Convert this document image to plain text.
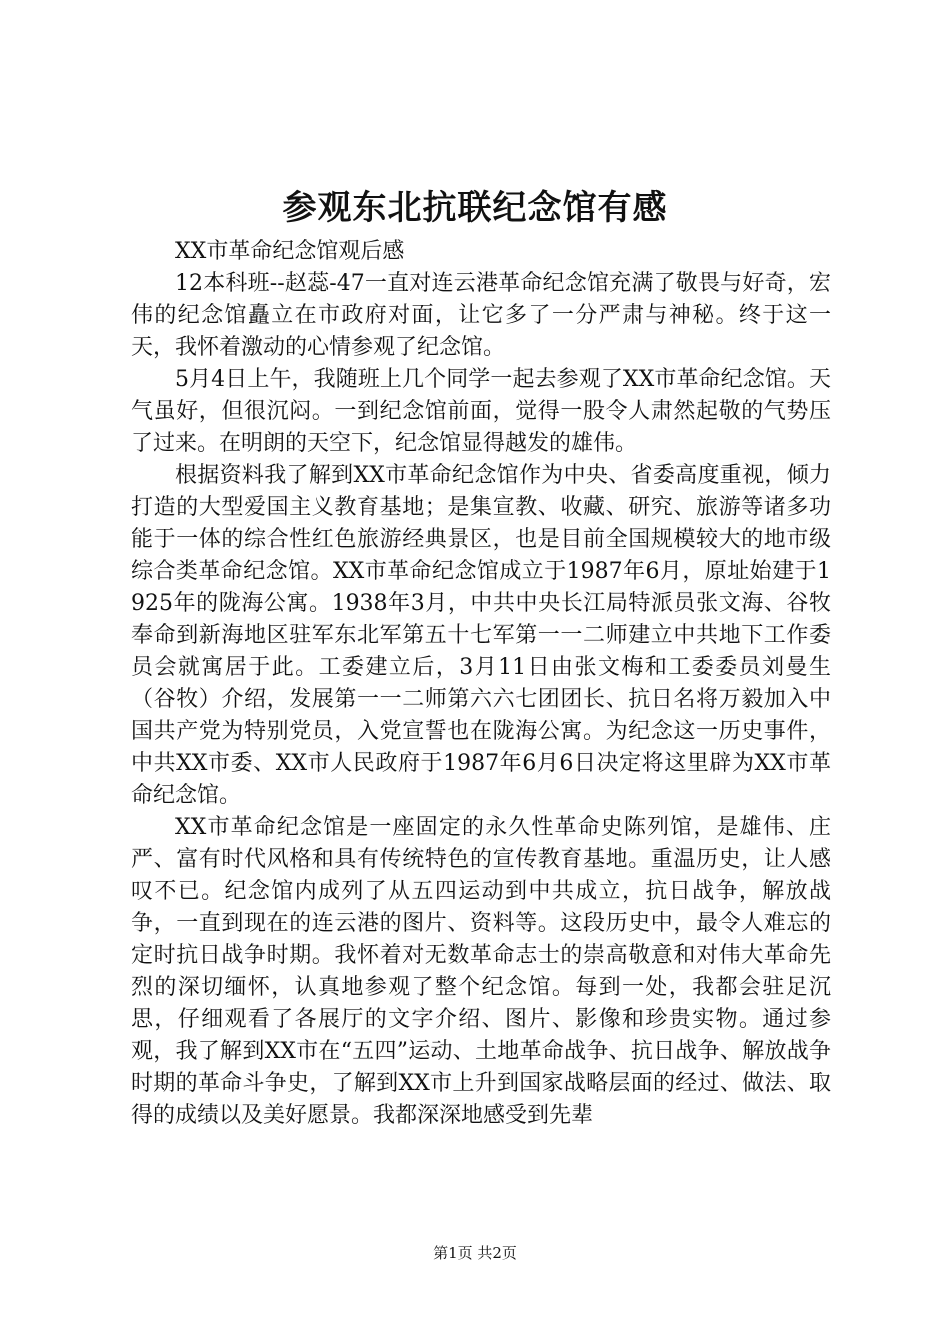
参观东北抗联纪念馆有感

XX市革命纪念馆观后感

12本科班--赵蕊-47一直对连云港革命纪念馆充满了敬畏与好奇，宏伟的纪念馆矗立在市政府对面，让它多了一分严肃与神秘。终于这一天，我怀着激动的心情参观了纪念馆。

5月4日上午，我随班上几个同学一起去参观了XX市革命纪念馆。天气虽好，但很沉闷。一到纪念馆前面，觉得一股令人肃然起敬的气势压了过来。在明朗的天空下，纪念馆显得越发的雄伟。

根据资料我了解到XX市革命纪念馆作为中央、省委高度重视，倾力打造的大型爱国主义教育基地；是集宣教、收藏、研究、旅游等诸多功能于一体的综合性红色旅游经典景区，也是目前全国规模较大的地市级综合类革命纪念馆。XX市革命纪念馆成立于1987年6月，原址始建于1925年的陇海公寓。1938年3月，中共中央长江局特派员张文海、谷牧奉命到新海地区驻军东北军第五十七军第一一二师建立中共地下工作委员会就寓居于此。工委建立后，3月11日由张文梅和工委委员刘曼生（谷牧）介绍，发展第一一二师第六六七团团长、抗日名将万毅加入中国共产党为特别党员，入党宣誓也在陇海公寓。为纪念这一历史事件，中共XX市委、XX市人民政府于1987年6月6日决定将这里辟为XX市革命纪念馆。

XX市革命纪念馆是一座固定的永久性革命史陈列馆，是雄伟、庄严、富有时代风格和具有传统特色的宣传教育基地。重温历史，让人感叹不已。纪念馆内成列了从五四运动到中共成立，抗日战争，解放战争，一直到现在的连云港的图片、资料等。这段历史中，最令人难忘的定时抗日战争时期。我怀着对无数革命志士的崇高敬意和对伟大革命先烈的深切缅怀，认真地参观了整个纪念馆。每到一处，我都会驻足沉思，仔细观看了各展厅的文字介绍、图片、影像和珍贵实物。通过参观，我了解到XX市在“五四”运动、土地革命战争、抗日战争、解放战争时期的革命斗争史，了解到XX市上升到国家战略层面的经过、做法、取得的成绩以及美好愿景。我都深深地感受到先辈

第1页 共2页
